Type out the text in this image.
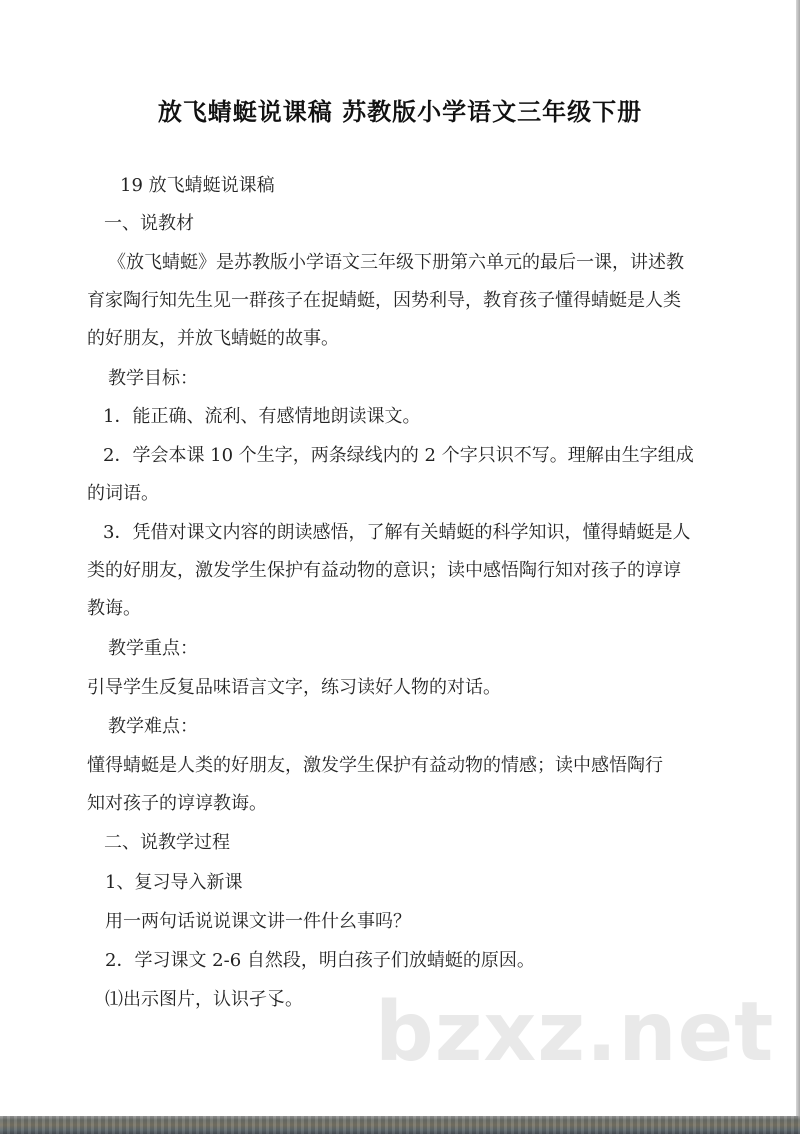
放飞蜻蜓说课稿 苏教版小学语文三年级下册
19 放飞蜻蜓说课稿
一、说教材
《放飞蜻蜓》是苏教版小学语文三年级下册第六单元的最后一课，讲述教
育家陶行知先生见一群孩子在捉蜻蜓，因势利导，教育孩子懂得蜻蜓是人类
的好朋友，并放飞蜻蜓的故事。
教学目标：
1．能正确、流利、有感情地朗读课文。
2．学会本课 10 个生字，两条绿线内的 2 个字只识不写。理解由生字组成
的词语。
3．凭借对课文内容的朗读感悟，了解有关蜻蜓的科学知识，懂得蜻蜓是人
类的好朋友，激发学生保护有益动物的意识；读中感悟陶行知对孩子的谆谆
教诲。
教学重点：
引导学生反复品味语言文字，练习读好人物的对话。
教学难点：
懂得蜻蜓是人类的好朋友，激发学生保护有益动物的情感；读中感悟陶行
知对孩子的谆谆教诲。
二、说教学过程
1、复习导入新课
用一两句话说说课文讲一件什幺事吗？
2．学习课文 2-6 自然段，明白孩子们放蜻蜓的原因。
⑴出示图片，认识孑孓。 bzxz.net
